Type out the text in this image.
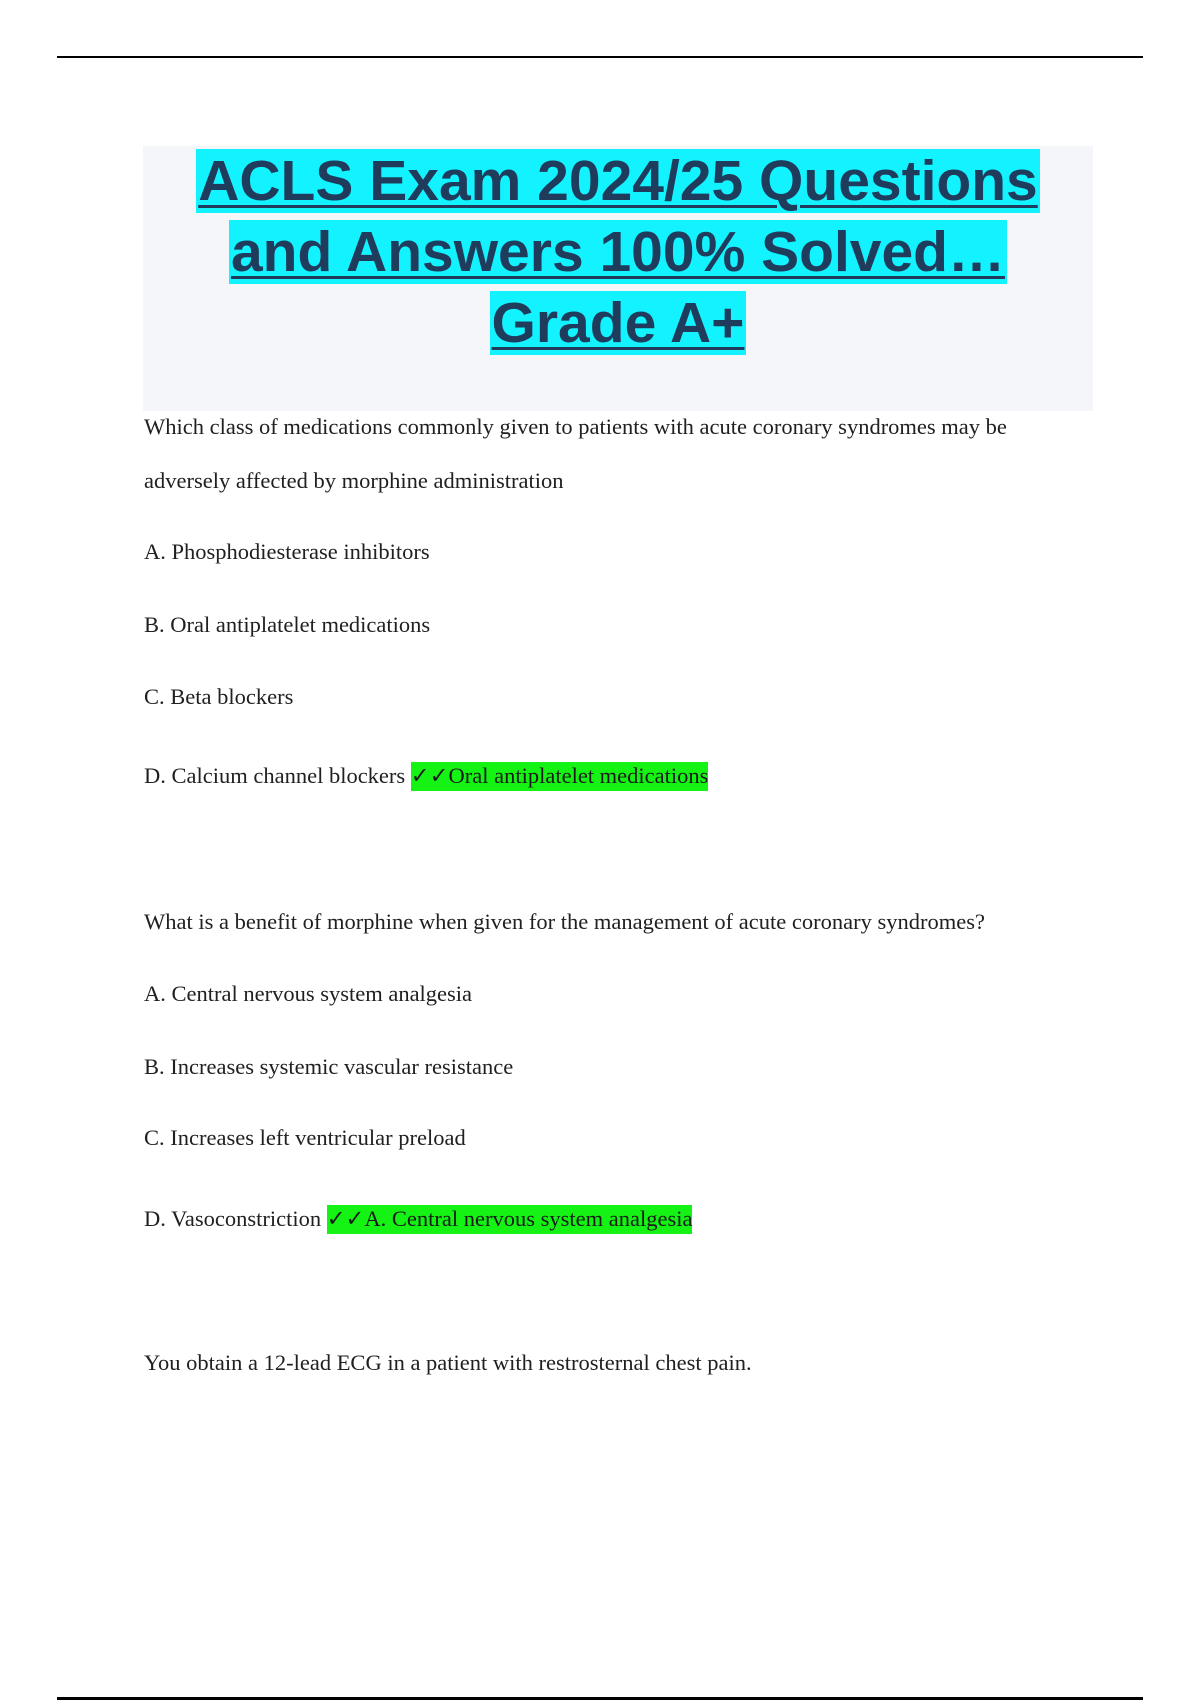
ACLS Exam 2024/25 Questions
and Answers 100% Solved…
Grade A+
Which class of medications commonly given to patients with acute coronary syndromes may be adversely affected by morphine administration
A. Phosphodiesterase inhibitors
B. Oral antiplatelet medications
C. Beta blockers
D. Calcium channel blockers ✓✓Oral antiplatelet medications
What is a benefit of morphine when given for the management of acute coronary syndromes?
A. Central nervous system analgesia
B. Increases systemic vascular resistance
C. Increases left ventricular preload
D. Vasoconstriction ✓✓A. Central nervous system analgesia
You obtain a 12-lead ECG in a patient with restrosternal chest pain.
